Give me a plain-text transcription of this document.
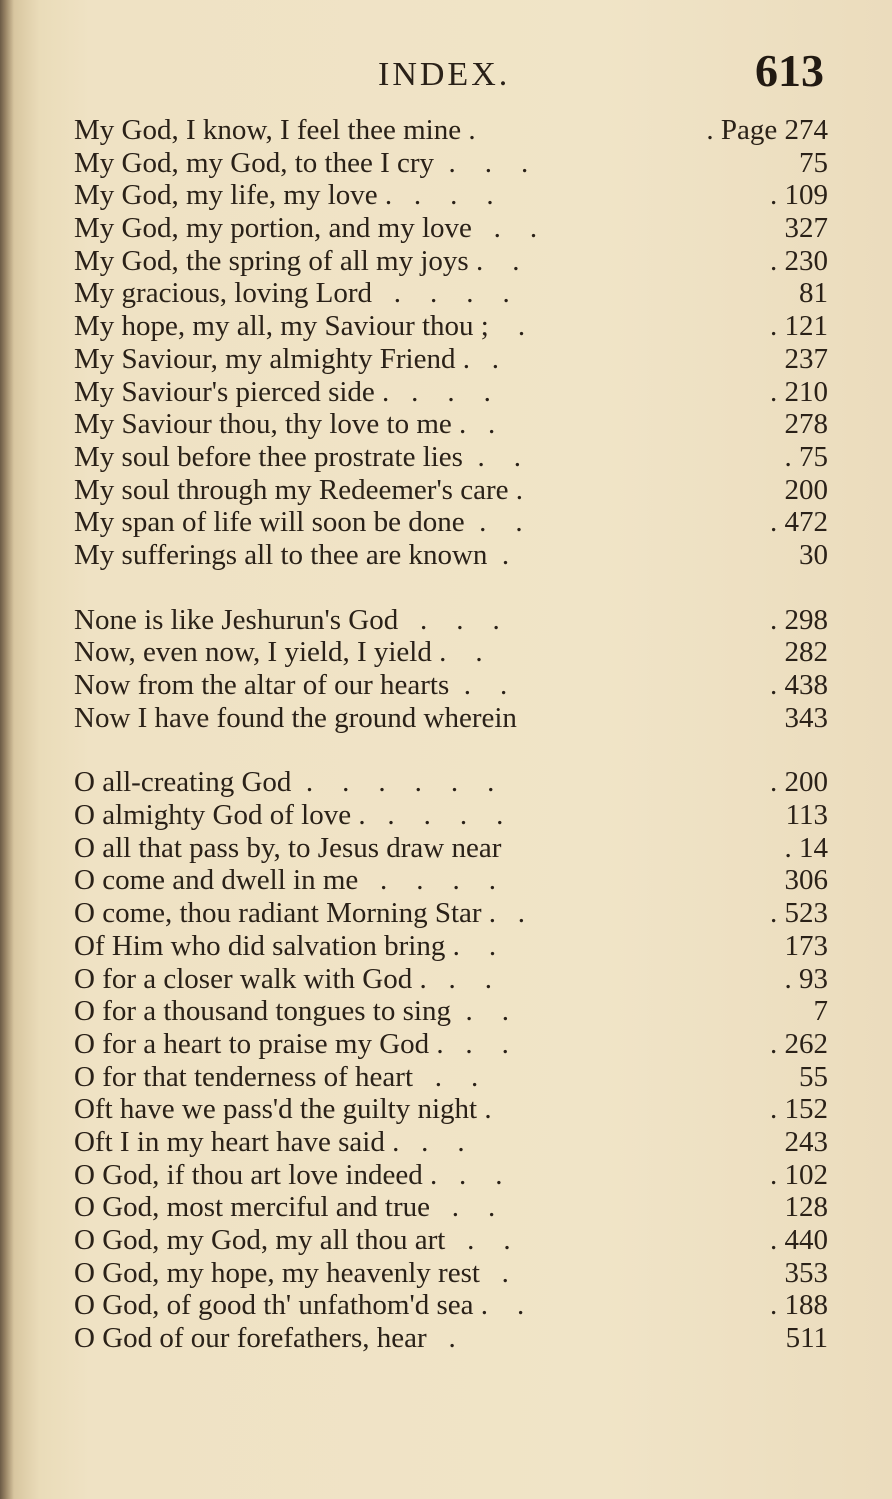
INDEX.	613
My God, I know, I feel thee mine .	. Page 274
My God, my God, to thee I cry  .    .    .	75
My God, my life, my love .   .    .    .	. 109
My God, my portion, and my love   .    .	327
My God, the spring of all my joys .    .	. 230
My gracious, loving Lord   .    .    .    .	81
My hope, my all, my Saviour thou ;    .	. 121
My Saviour, my almighty Friend .   .	237
My Saviour's pierced side .   .    .    .	. 210
My Saviour thou, thy love to me .   .	278
My soul before thee prostrate lies  .    .	. 75
My soul through my Redeemer's care .	200
My span of life will soon be done  .    .	. 472
My sufferings all to thee are known  .	30
None is like Jeshurun's God   .    .    .	. 298
Now, even now, I yield, I yield .    .	282
Now from the altar of our hearts  .    .	. 438
Now I have found the ground wherein	343
O all-creating God  .    .    .    .    .    .	. 200
O almighty God of love .   .    .    .    .	113
O all that pass by, to Jesus draw near	. 14
O come and dwell in me   .    .    .    .	306
O come, thou radiant Morning Star .   .	. 523
Of Him who did salvation bring .    .	173
O for a closer walk with God .   .    .	. 93
O for a thousand tongues to sing  .    .	7
O for a heart to praise my God .   .    .	. 262
O for that tenderness of heart   .    .	55
Oft have we pass'd the guilty night .	. 152
Oft I in my heart have said .   .    .	243
O God, if thou art love indeed .   .    .	. 102
O God, most merciful and true   .    .	128
O God, my God, my all thou art   .    .	. 440
O God, my hope, my heavenly rest   .	353
O God, of good th' unfathom'd sea .    .	. 188
O God of our forefathers, hear   .	511
